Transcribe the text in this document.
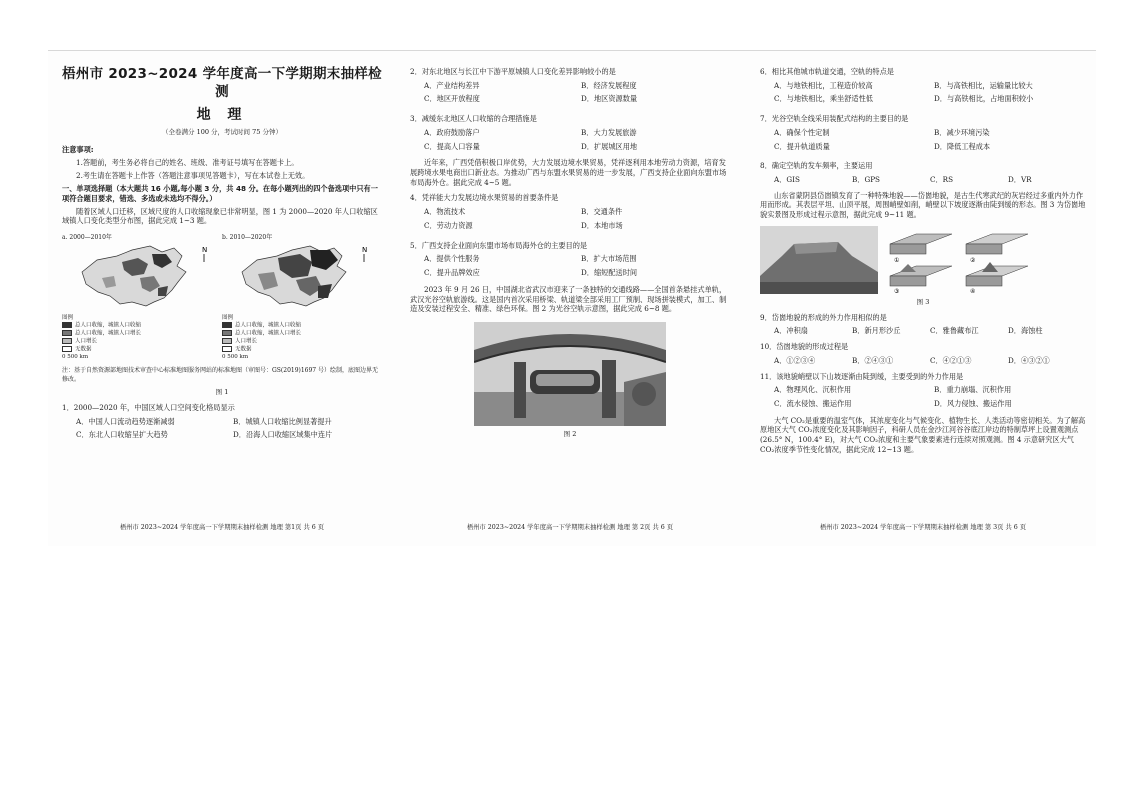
梧州市 2023~2024 学年度高一下学期期末抽样检测
地 理
（全卷满分 100 分，考试时间 75 分钟）
注意事项:

1.答题前，考生务必将自己的姓名、班级、准考证号填写在答题卡上。

2.考生请在答题卡上作答（答题注意事项见答题卡），写在本试卷上无效。

一、单项选择题（本大题共 16 小题,每小题 3 分，共 48 分。在每小题列出的四个备选项中只有一项符合题目要求，错选、多选或未选均不得分。）

随着区域人口迁移，区域尺度的人口收缩现象已非常明显，图 1 为 2000—2020 年人口收缩区域镇人口变化类型分布图，据此完成 1~3 题。

a. 2000—2010年
N
图例
总人口收缩，城镇人口收缩
总人口收缩，城镇人口增长
人口增长
无数据
0 500 km
b. 2010—2020年
N
图例
总人口收缩，城镇人口收缩
总人口收缩，城镇人口增长
人口增长
无数据
0 500 km

注：基于自然资源部地图技术审查中心标准地图服务网站的标准地图（审图号：GS(2019)1697 号）绘制，底图边界无修改。

图 1

1．2000—2020 年，中国区域人口空间变化格局显示

A．中国人口流动趋势逐渐减弱	B．城镇人口收缩比例显著提升
C．东北人口收缩呈扩大趋势	D．沿海人口收缩区域集中连片
梧州市 2023~2024 学年度高一下学期期末抽样检测 地理 第1页 共 6 页

2．对东北地区与长江中下游平原城镇人口变化差异影响较小的是

A．产业结构差异	B．经济发展程度
C．地区开放程度	D．地区资源数量

3．减缓东北地区人口收缩的合理措施是

A．政府鼓励落户	B．大力发展旅游
C．提高人口容量	D．扩展城区用地

近年来，广西凭借积极口岸优势，大力发展边境水果贸易，凭祥逐利用本地劳动力资源，培育发展跨境水果电商出口新业态。为推动广西与东盟水果贸易的进一步发展，广西支持企业面向东盟市场布局海外仓。据此完成 4~5 题。

4．凭祥能大力发展边境水果贸易的首要条件是

A．物流技术	B．交通条件
C．劳动力资源	D．本地市场

5．广西支持企业面向东盟市场布局海外仓的主要目的是

A．提供个性服务	B．扩大市场范围
C．提升品牌效应	D．缩短配送时间

2023 年 9 月 26 日，中国湖北省武汉市迎来了一条独特的交通线路——全国首条悬挂式单轨，武汉光谷空轨旅游线。这是国内首次采用桥梁、轨道梁全部采用工厂预制、现场拼装模式，加工、制造及安装过程安全、精准、绿色环保。图 2 为光谷空轨示意图，据此完成 6~8 题。

图 2
梧州市 2023~2024 学年度高一下学期期末抽样检测 地理 第 2页 共 6 页

6．相比其他城市轨道交通，空轨的特点是

A．与地铁相比，工程造价较高	B．与高铁相比，运输量比较大
C．与地铁相比，乘坐舒适性低	D．与高铁相比，占地面积较小

7．光谷空轨全线采用装配式结构的主要目的是

A．确保个性定制	B．减少环境污染
C．提升轨道质量	D．降低工程成本

8．确定空轨的发车频率，主要运用

A．GIS	B．GPS	C．RS	D．VR

山东省蒙阴县岱崮镇发育了一种特殊地貌——岱崮地貌，是古生代寒武纪的灰岩经过多重内外力作用而形成。其表层平坦、山顶平展，周围峭壁如削，峭壁以下坡度逐渐由陡到缓的形态。图 3 为岱崮地貌实景图及形成过程示意图，据此完成 9~11 题。

①	②
③	④
图 3

9．岱崮地貌的形成的外力作用相似的是

A．冲积扇	B．新月形沙丘	C．雅鲁藏布江	D．海蚀柱

10．岱崮地貌的形成过程是

A．①②③④	B．②④③①	C．④②①③	D．④③②①

11．该地貌峭壁以下山坡逐渐由陡到缓，主要受到的外力作用是

A．物理风化、沉积作用	B．重力崩塌、沉积作用
C．流水侵蚀、搬运作用	D．风力侵蚀、搬运作用

大气 CO₂是重要的温室气体，其浓度变化与气候变化、植物生长、人类活动等密切相关。为了解高原地区大气 CO₂浓度变化及其影响因子，科研人员在金沙江河谷谷底江岸边的特制草坪上设置观测点(26.5° N，100.4° E)，对大气 CO₂浓度和主要气象要素进行连续对照观测。图 4 示意研究区大气 CO₂浓度季节性变化情况，据此完成 12~13 题。

梧州市 2023~2024 学年度高一下学期期末抽样检测 地理 第 3页 共 6 页
